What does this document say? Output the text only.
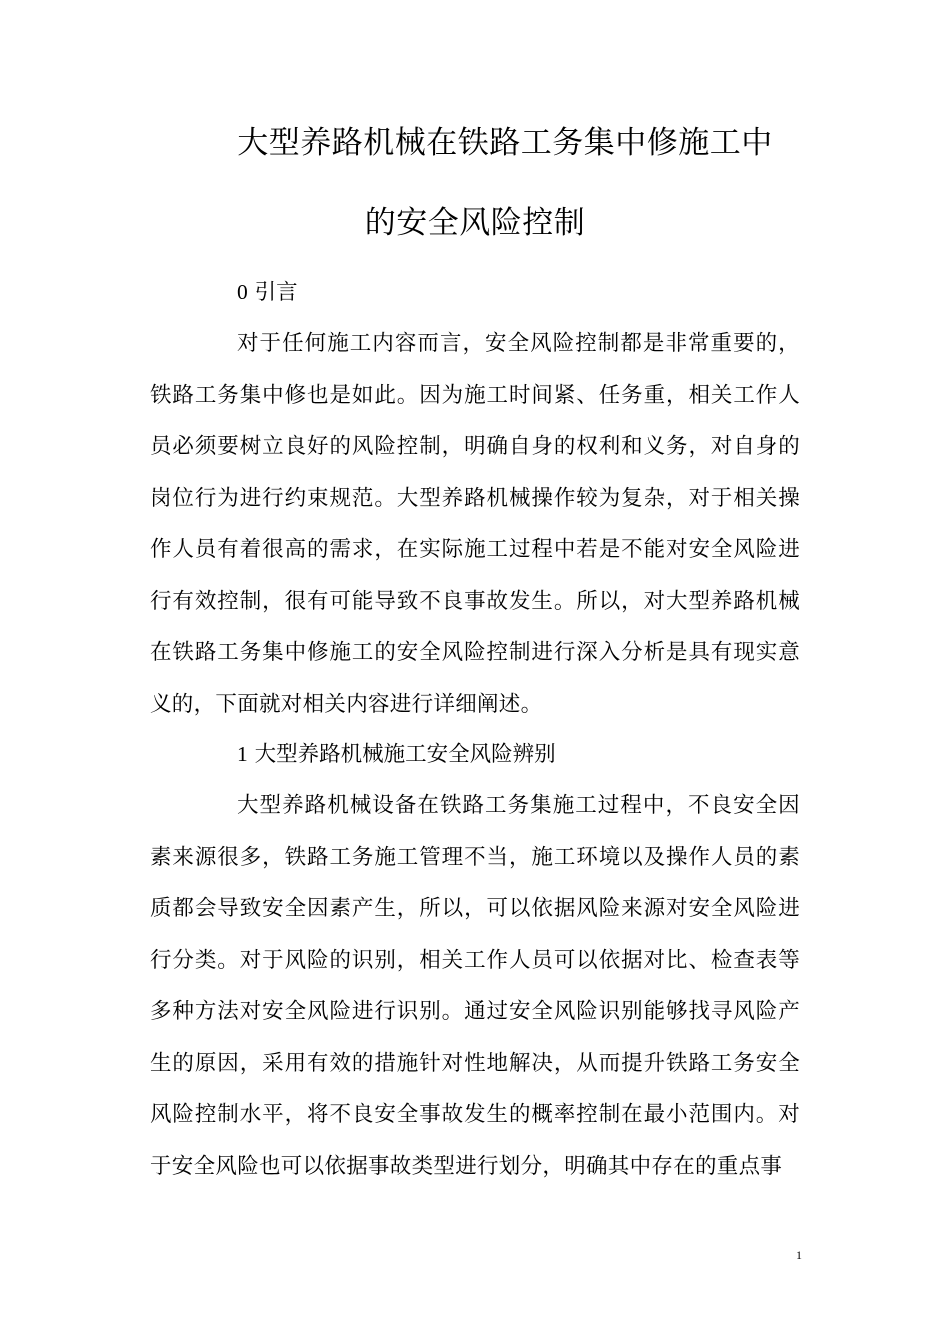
大型养路机械在铁路工务集中修施工中
的安全风险控制
0 引言

对于任何施工内容而言，安全风险控制都是非常重要的，铁路工务集中修也是如此。因为施工时间紧、任务重，相关工作人员必须要树立良好的风险控制，明确自身的权利和义务，对自身的岗位行为进行约束规范。大型养路机械操作较为复杂，对于相关操作人员有着很高的需求，在实际施工过程中若是不能对安全风险进行有效控制，很有可能导致不良事故发生。所以，对大型养路机械在铁路工务集中修施工的安全风险控制进行深入分析是具有现实意义的，下面就对相关内容进行详细阐述。

1 大型养路机械施工安全风险辨别

大型养路机械设备在铁路工务集施工过程中，不良安全因素来源很多，铁路工务施工管理不当，施工环境以及操作人员的素质都会导致安全因素产生，所以，可以依据风险来源对安全风险进行分类。对于风险的识别，相关工作人员可以依据对比、检查表等多种方法对安全风险进行识别。通过安全风险识别能够找寻风险产生的原因，采用有效的措施针对性地解决，从而提升铁路工务安全风险控制水平，将不良安全事故发生的概率控制在最小范围内。对于安全风险也可以依据事故类型进行划分，明确其中存在的重点事

1
